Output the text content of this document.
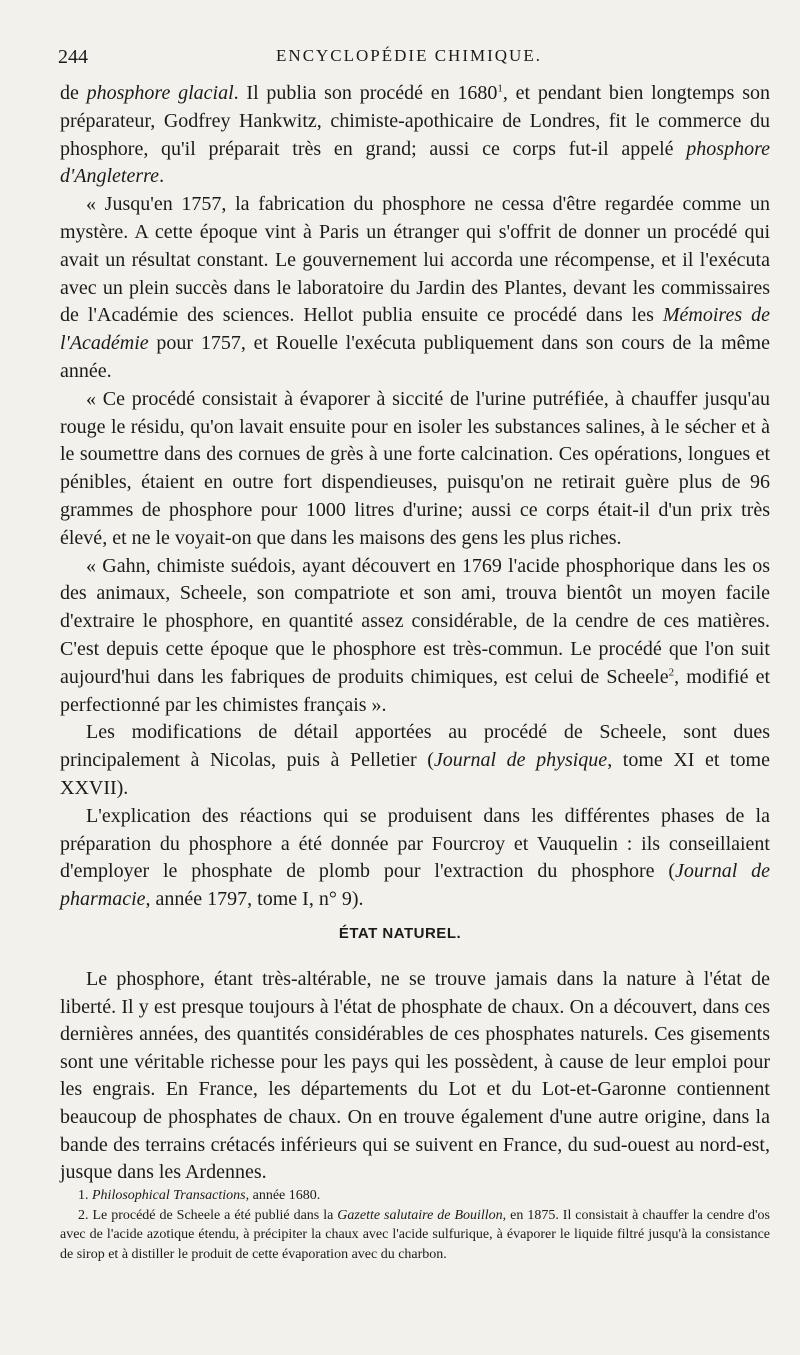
244	ENCYCLOPÉDIE CHIMIQUE.

de phosphore glacial. Il publia son procédé en 1680$^1$, et pendant bien longtemps son préparateur, Godfrey Hankwitz, chimiste-apothicaire de Londres, fit le commerce du phosphore, qu'il préparait très en grand; aussi ce corps fut-il appelé phosphore d'Angleterre.

« Jusqu'en 1757, la fabrication du phosphore ne cessa d'être regardée comme un mystère. A cette époque vint à Paris un étranger qui s'offrit de donner un procédé qui avait un résultat constant. Le gouvernement lui accorda une récompense, et il l'exécuta avec un plein succès dans le laboratoire du Jardin des Plantes, devant les commissaires de l'Académie des sciences. Hellot publia ensuite ce procédé dans les Mémoires de l'Académie pour 1757, et Rouelle l'exécuta publiquement dans son cours de la même année.

« Ce procédé consistait à évaporer à siccité de l'urine putréfiée, à chauffer jusqu'au rouge le résidu, qu'on lavait ensuite pour en isoler les substances salines, à le sécher et à le soumettre dans des cornues de grès à une forte calcination. Ces opérations, longues et pénibles, étaient en outre fort dispendieuses, puisqu'on ne retirait guère plus de 96 grammes de phosphore pour 1000 litres d'urine; aussi ce corps était-il d'un prix très élevé, et ne le voyait-on que dans les maisons des gens les plus riches.

« Gahn, chimiste suédois, ayant découvert en 1769 l'acide phosphorique dans les os des animaux, Scheele, son compatriote et son ami, trouva bientôt un moyen facile d'extraire le phosphore, en quantité assez considérable, de la cendre de ces matières. C'est depuis cette époque que le phosphore est très-commun. Le procédé que l'on suit aujourd'hui dans les fabriques de produits chimiques, est celui de Scheele$^2$, modifié et perfectionné par les chimistes français ».

Les modifications de détail apportées au procédé de Scheele, sont dues principalement à Nicolas, puis à Pelletier (Journal de physique, tome XI et tome XXVII).

L'explication des réactions qui se produisent dans les différentes phases de la préparation du phosphore a été donnée par Fourcroy et Vauquelin : ils conseillaient d'employer le phosphate de plomb pour l'extraction du phosphore (Journal de pharmacie, année 1797, tome I, n° 9).

ÉTAT NATUREL.

Le phosphore, étant très-altérable, ne se trouve jamais dans la nature à l'état de liberté. Il y est presque toujours à l'état de phosphate de chaux. On a découvert, dans ces dernières années, des quantités considérables de ces phosphates naturels. Ces gisements sont une véritable richesse pour les pays qui les possèdent, à cause de leur emploi pour les engrais. En France, les départements du Lot et du Lot-et-Garonne contiennent beaucoup de phosphates de chaux. On en trouve également d'une autre origine, dans la bande des terrains crétacés inférieurs qui se suivent en France, du sud-ouest au nord-est, jusque dans les Ardennes.

1. Philosophical Transactions, année 1680.

2. Le procédé de Scheele a été publié dans la Gazette salutaire de Bouillon, en 1875. Il consistait à chauffer la cendre d'os avec de l'acide azotique étendu, à précipiter la chaux avec l'acide sulfurique, à évaporer le liquide filtré jusqu'à la consistance de sirop et à distiller le produit de cette évaporation avec du charbon.
